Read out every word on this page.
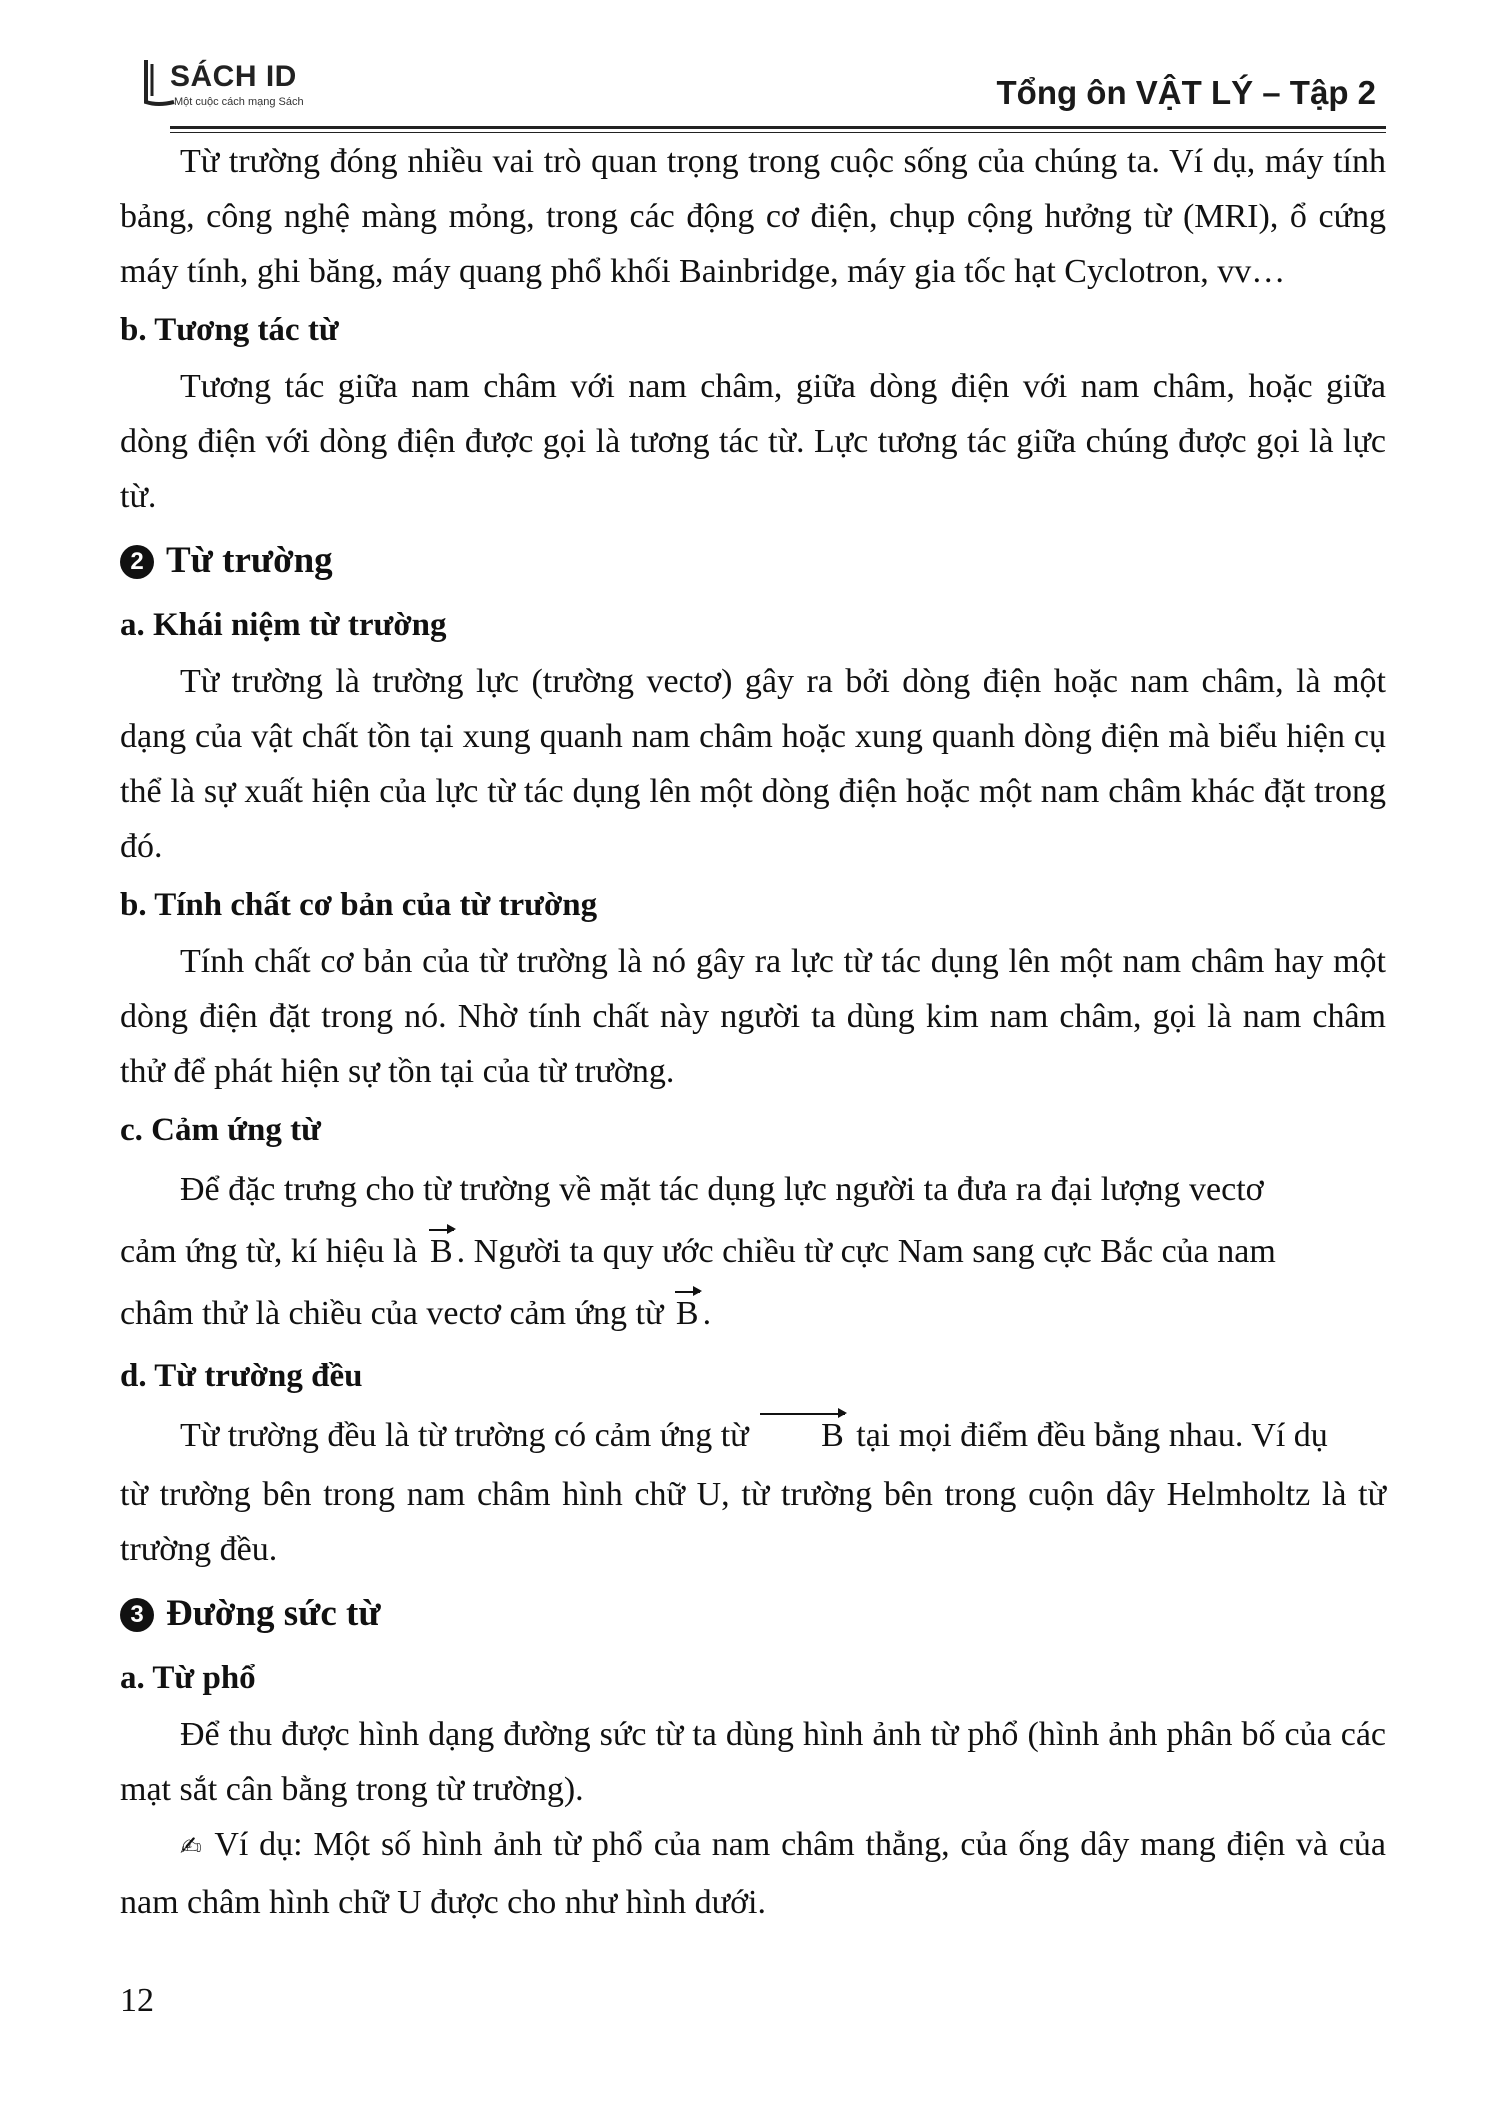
SÁCH ID
Một cuộc cách mạng Sách	Tổng ôn VẬT LÝ – Tập 2

Từ trường đóng nhiều vai trò quan trọng trong cuộc sống của chúng ta. Ví dụ, máy tính bảng, công nghệ màng mỏng, trong các động cơ điện, chụp cộng hưởng từ (MRI), ổ cứng máy tính, ghi băng, máy quang phổ khối Bainbridge, máy gia tốc hạt Cyclotron, vv…

b. Tương tác từ

Tương tác giữa nam châm với nam châm, giữa dòng điện với nam châm, hoặc giữa dòng điện với dòng điện được gọi là tương tác từ. Lực tương tác giữa chúng được gọi là lực từ.

2 Từ trường
a. Khái niệm từ trường

Từ trường là trường lực (trường vectơ) gây ra bởi dòng điện hoặc nam châm, là một dạng của vật chất tồn tại xung quanh nam châm hoặc xung quanh dòng điện mà biểu hiện cụ thể là sự xuất hiện của lực từ tác dụng lên một dòng điện hoặc một nam châm khác đặt trong đó.

b. Tính chất cơ bản của từ trường

Tính chất cơ bản của từ trường là nó gây ra lực từ tác dụng lên một nam châm hay một dòng điện đặt trong nó. Nhờ tính chất này người ta dùng kim nam châm, gọi là nam châm thử để phát hiện sự tồn tại của từ trường.

c. Cảm ứng từ

Để đặc trưng cho từ trường về mặt tác dụng lực người ta đưa ra đại lượng vectơ

cảm ứng từ, kí hiệu là B . Người ta quy ước chiều từ cực Nam sang cực Bắc của nam

châm thử là chiều của vectơ cảm ứng từ B .

d. Từ trường đều

Từ trường đều là từ trường có cảm ứng từ B tại mọi điểm đều bằng nhau. Ví dụ

từ trường bên trong nam châm hình chữ U, từ trường bên trong cuộn dây Helmholtz là từ trường đều.

3 Đường sức từ
a. Từ phổ

Để thu được hình dạng đường sức từ ta dùng hình ảnh từ phổ (hình ảnh phân bố của các mạt sắt cân bằng trong từ trường).

✍ Ví dụ: Một số hình ảnh từ phổ của nam châm thẳng, của ống dây mang điện và của nam châm hình chữ U được cho như hình dưới.

12
